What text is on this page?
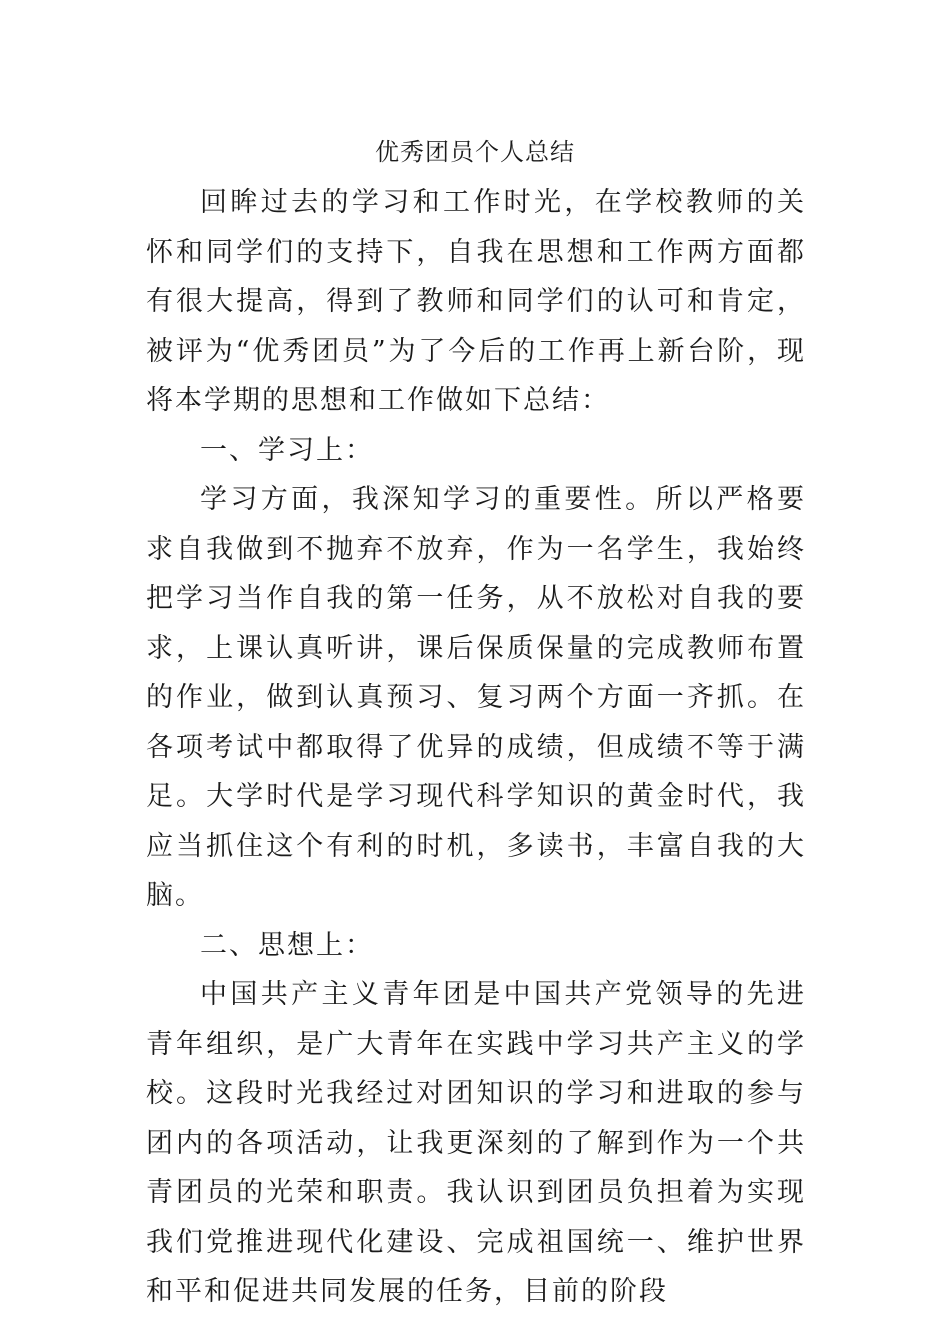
优秀团员个人总结

回眸过去的学习和工作时光，在学校教师的关怀和同学们的支持下，自我在思想和工作两方面都有很大提高，得到了教师和同学们的认可和肯定，被评为“优秀团员”为了今后的工作再上新台阶，现将本学期的思想和工作做如下总结：

一、学习上：

学习方面，我深知学习的重要性。所以严格要求自我做到不抛弃不放弃，作为一名学生，我始终把学习当作自我的第一任务，从不放松对自我的要求，上课认真听讲，课后保质保量的完成教师布置的作业，做到认真预习、复习两个方面一齐抓。在各项考试中都取得了优异的成绩，但成绩不等于满足。大学时代是学习现代科学知识的黄金时代，我应当抓住这个有利的时机，多读书，丰富自我的大脑。

二、思想上：

中国共产主义青年团是中国共产党领导的先进青年组织，是广大青年在实践中学习共产主义的学校。这段时光我经过对团知识的学习和进取的参与团内的各项活动，让我更深刻的了解到作为一个共青团员的光荣和职责。我认识到团员负担着为实现我们党推进现代化建设、完成祖国统一、维护世界和平和促进共同发展的任务，目前的阶段
